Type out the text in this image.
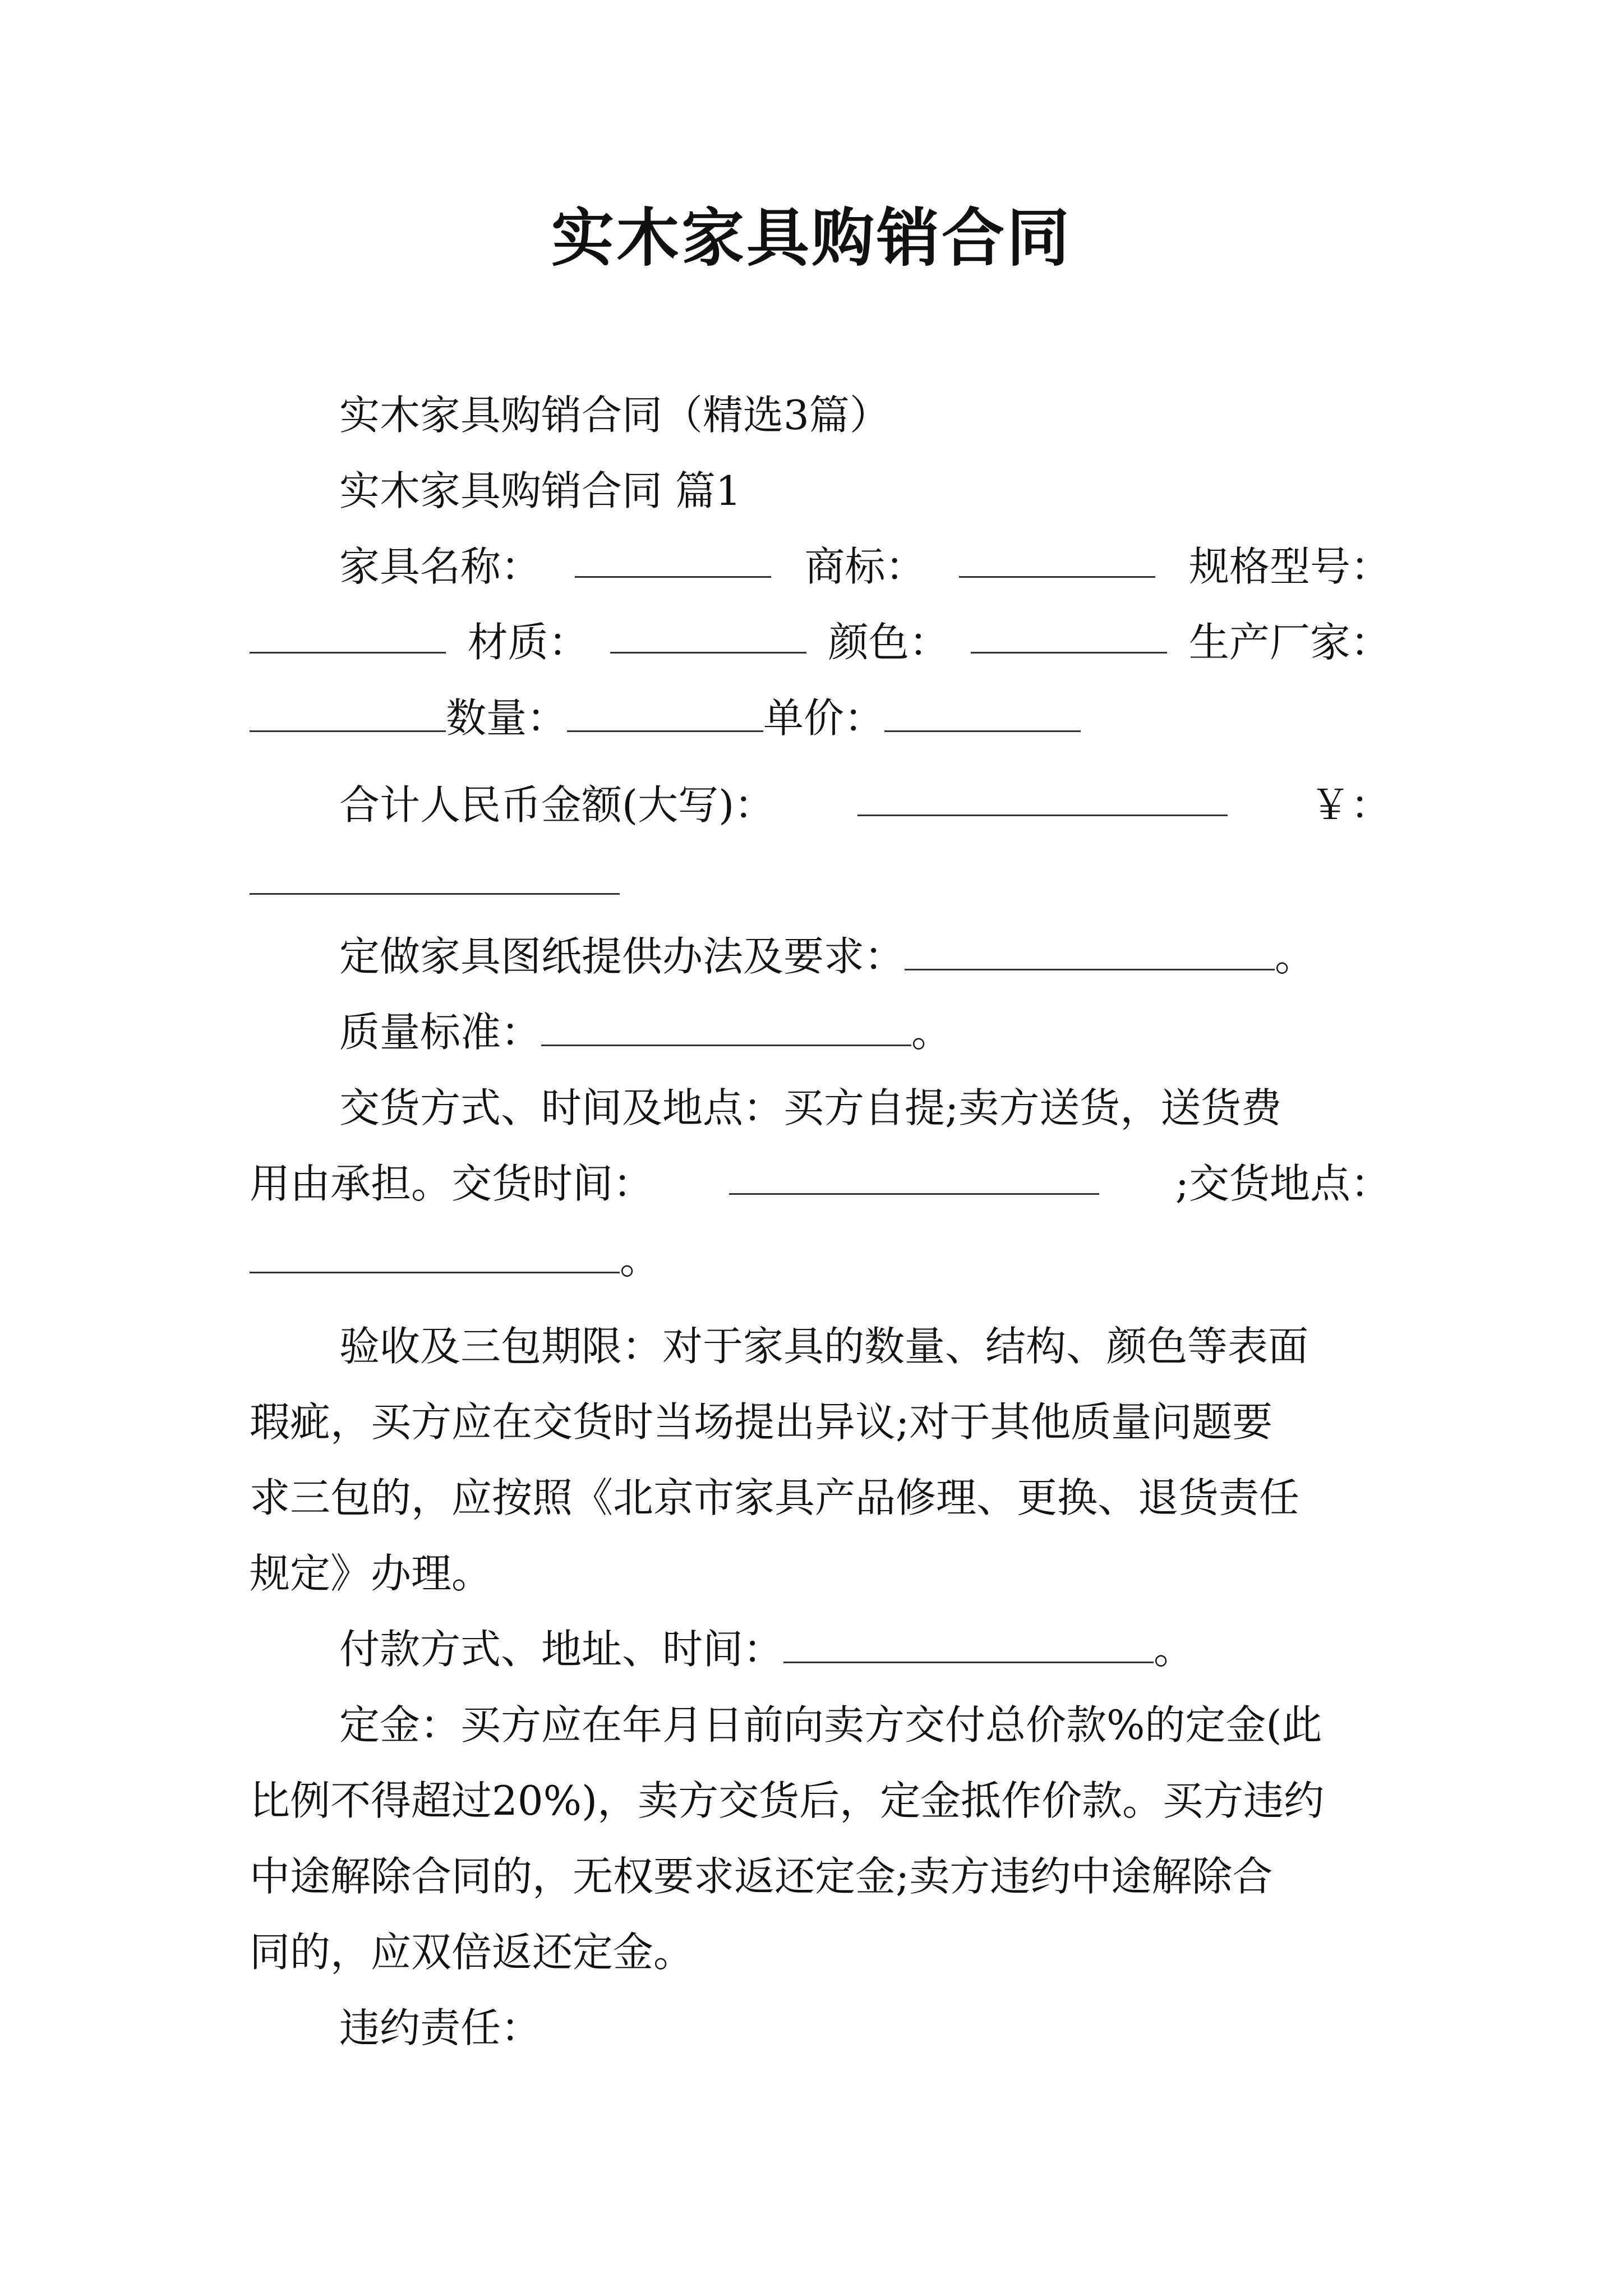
实木家具购销合同
实木家具购销合同（精选3篇）
实木家具购销合同 篇1
家具名称：	商标：	规格型号：
材质：	颜色：	生产厂家：
数量：	单价：
合计人民币金额(大写)：	￥：
定做家具图纸提供办法及要求：	。
质量标准：	。
交货方式、时间及地点：买方自提;卖方送货，送货费
用由承担。交货时间：	;交货地点：
。
验收及三包期限：对于家具的数量、结构、颜色等表面
瑕疵，买方应在交货时当场提出异议;对于其他质量问题要
求三包的，应按照《北京市家具产品修理、更换、退货责任
规定》办理。
付款方式、地址、时间：	。
定金：买方应在年月日前向卖方交付总价款%的定金(此
比例不得超过20%)，卖方交货后，定金抵作价款。买方违约
中途解除合同的，无权要求返还定金;卖方违约中途解除合
同的，应双倍返还定金。
违约责任：
